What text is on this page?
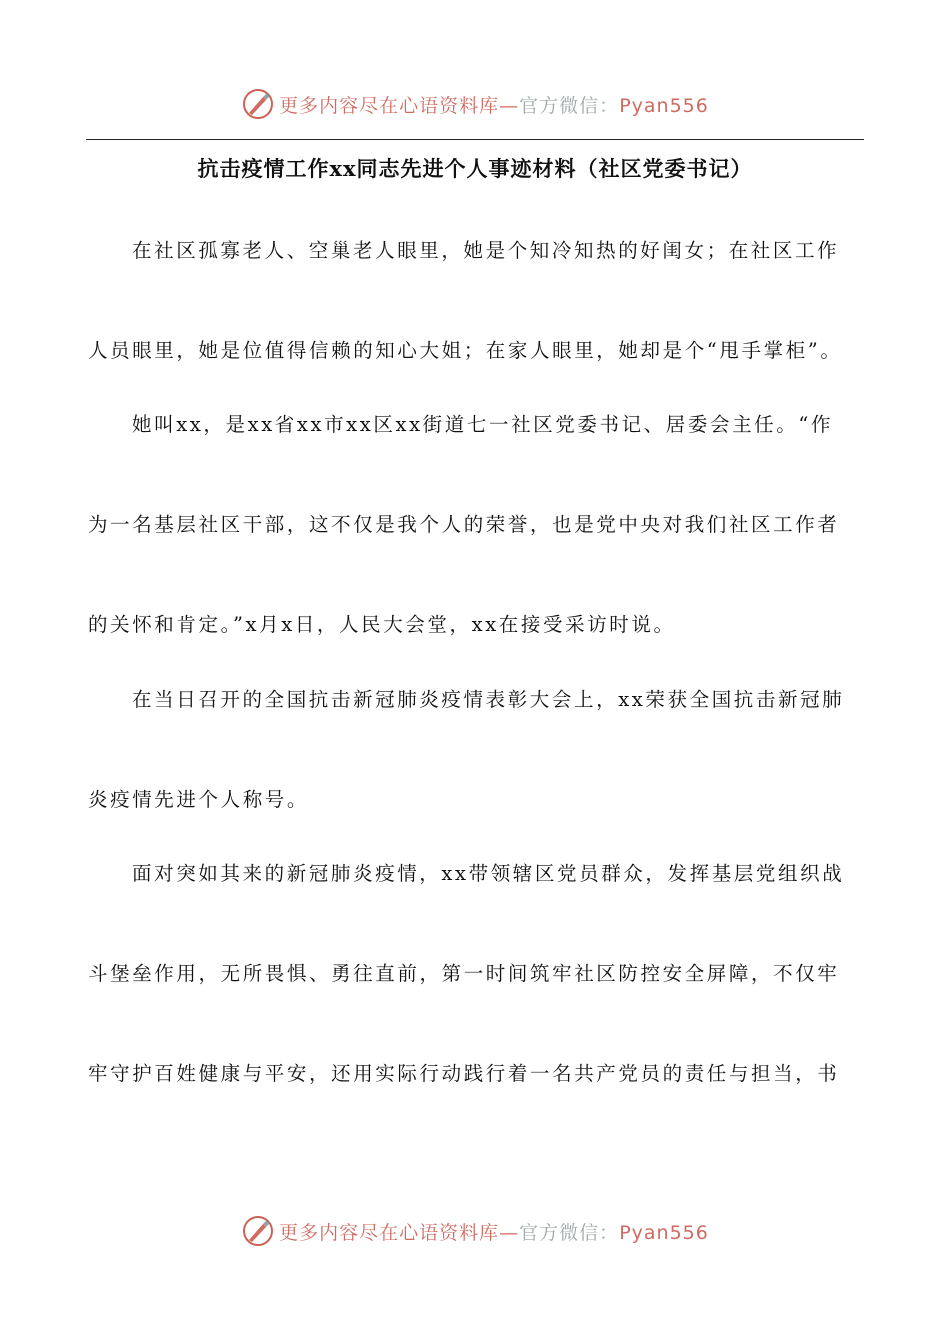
更多内容尽在心语资料库—官方微信：Pyan556
抗击疫情工作xx同志先进个人事迹材料（社区党委书记）
在社区孤寡老人、空巢老人眼里，她是个知冷知热的好闺女；在社区工作
人员眼里，她是位值得信赖的知心大姐；在家人眼里，她却是个“甩手掌柜”。
她叫xx，是xx省xx市xx区xx街道七一社区党委书记、居委会主任。“作
为一名基层社区干部，这不仅是我个人的荣誉，也是党中央对我们社区工作者
的关怀和肯定。”x月x日，人民大会堂，xx在接受采访时说。
在当日召开的全国抗击新冠肺炎疫情表彰大会上，xx荣获全国抗击新冠肺
炎疫情先进个人称号。
面对突如其来的新冠肺炎疫情，xx带领辖区党员群众，发挥基层党组织战
斗堡垒作用，无所畏惧、勇往直前，第一时间筑牢社区防控安全屏障，不仅牢
牢守护百姓健康与平安，还用实际行动践行着一名共产党员的责任与担当，书
更多内容尽在心语资料库—官方微信：Pyan556
